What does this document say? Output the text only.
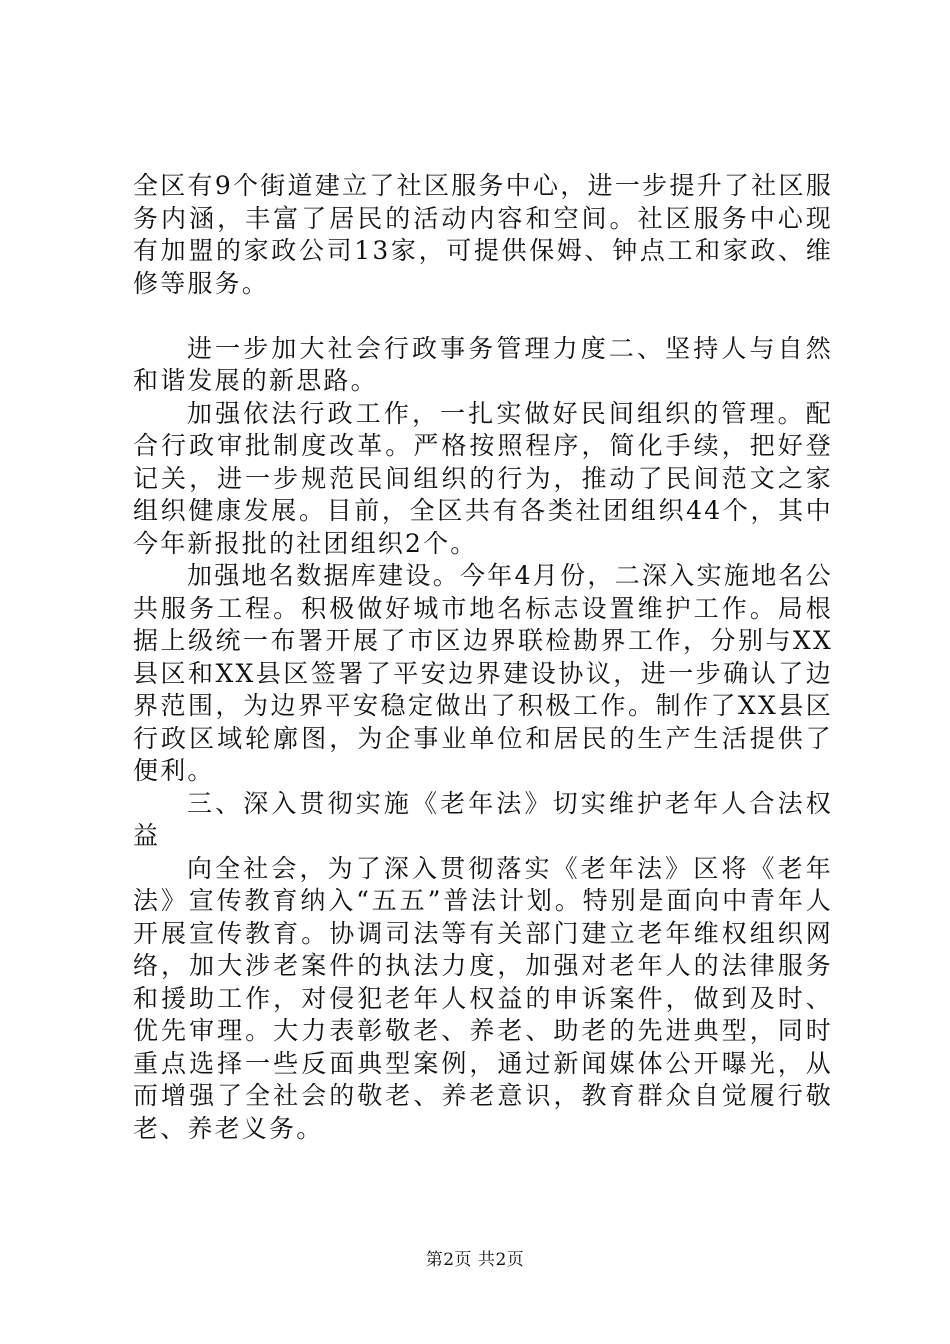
全区有9个街道建立了社区服务中心，进一步提升了社区服务内涵，丰富了居民的活动内容和空间。社区服务中心现有加盟的家政公司13家，可提供保姆、钟点工和家政、维修等服务。

进一步加大社会行政事务管理力度二、坚持人与自然和谐发展的新思路。

加强依法行政工作，一扎实做好民间组织的管理。配合行政审批制度改革。严格按照程序，简化手续，把好登记关，进一步规范民间组织的行为，推动了民间范文之家组织健康发展。目前，全区共有各类社团组织44个，其中今年新报批的社团组织2个。

加强地名数据库建设。今年4月份，二深入实施地名公共服务工程。积极做好城市地名标志设置维护工作。局根据上级统一布署开展了市区边界联检勘界工作，分别与XX县区和XX县区签署了平安边界建设协议，进一步确认了边界范围，为边界平安稳定做出了积极工作。制作了XX县区行政区域轮廓图，为企事业单位和居民的生产生活提供了便利。

三、深入贯彻实施《老年法》切实维护老年人合法权益

向全社会，为了深入贯彻落实《老年法》区将《老年法》宣传教育纳入“五五”普法计划。特别是面向中青年人开展宣传教育。协调司法等有关部门建立老年维权组织网络，加大涉老案件的执法力度，加强对老年人的法律服务和援助工作，对侵犯老年人权益的申诉案件，做到及时、优先审理。大力表彰敬老、养老、助老的先进典型，同时重点选择一些反面典型案例，通过新闻媒体公开曝光，从而增强了全社会的敬老、养老意识，教育群众自觉履行敬老、养老义务。

第2页 共2页
